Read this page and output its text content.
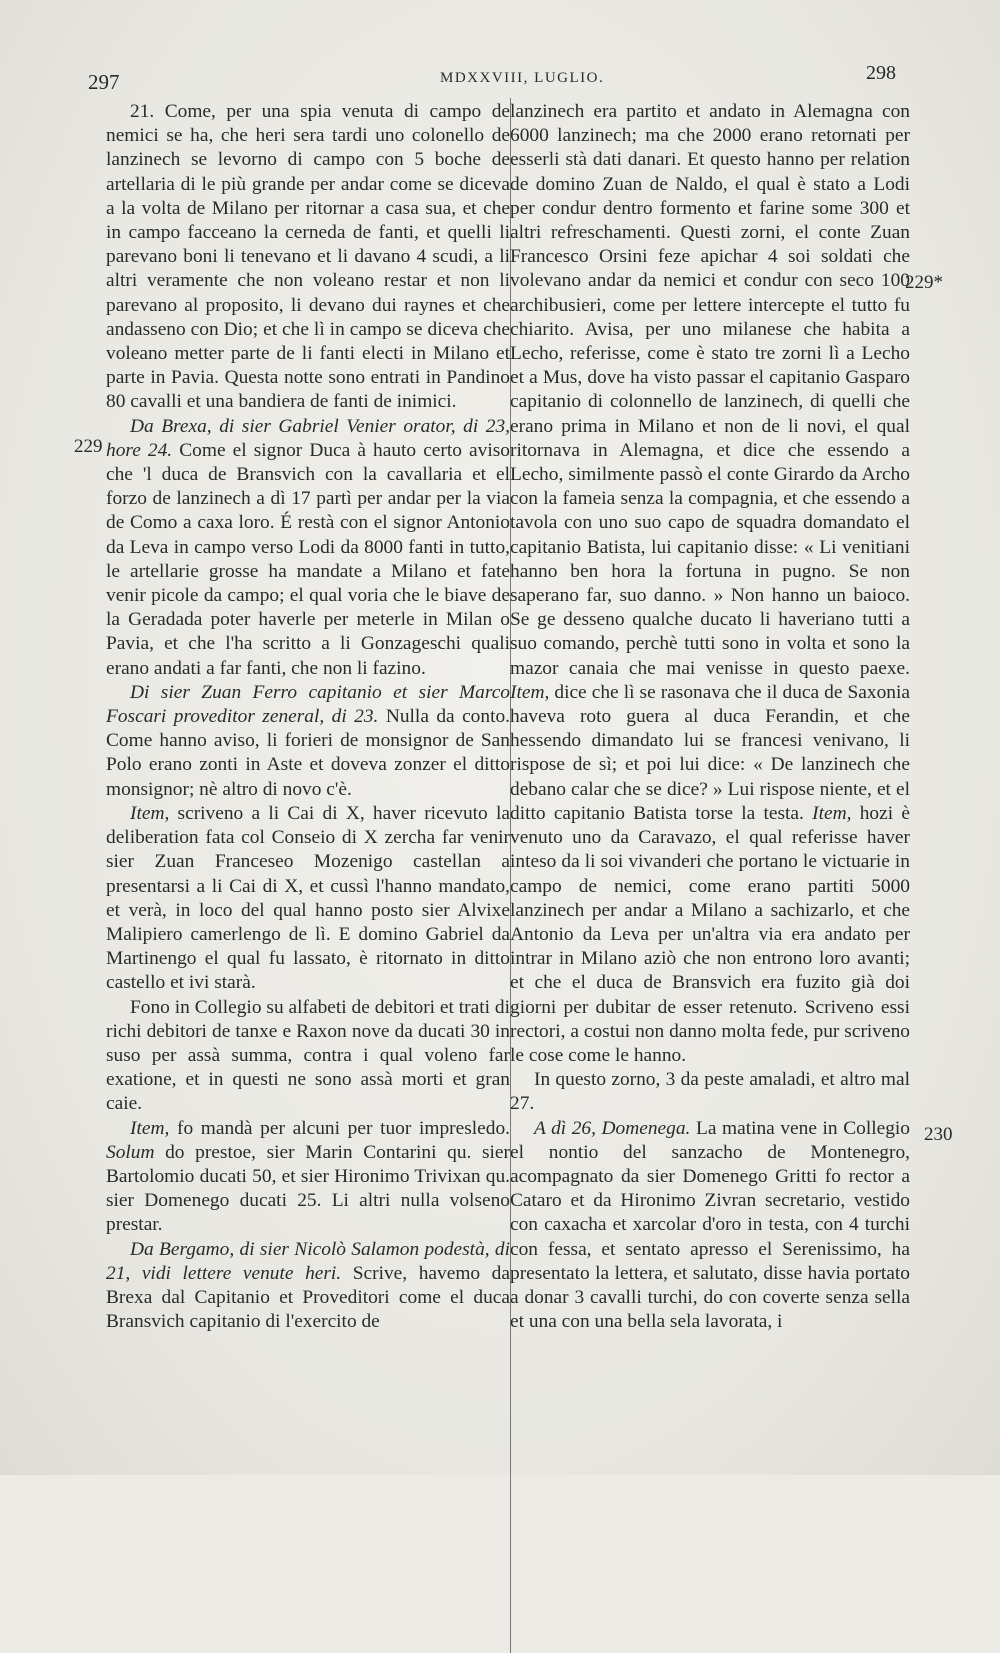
297	MDXXVIII, LUGLIO.	298
229
229*
230

21. Come, per una spia venuta di campo de nemici se ha, che heri sera tardi uno colonello de lanzinech se levorno di campo con 5 boche de artellaria di le più grande per andar come se diceva a la volta de Milano per ritornar a casa sua, et che in campo facceano la cerneda de fanti, et quelli li parevano boni li tenevano et li davano 4 scudi, a li altri veramente che non voleano restar et non li parevano al proposito, li devano dui raynes et che andasseno con Dio; et che lì in campo se diceva che voleano metter parte de li fanti electi in Milano et parte in Pavia. Questa notte sono entrati in Pandino 80 cavalli et una bandiera de fanti de inimici.

Da Brexa, di sier Gabriel Venier orator, di 23, hore 24. Come el signor Duca à hauto certo aviso che 'l duca de Bransvich con la cavallaria et el forzo de lanzinech a dì 17 partì per andar per la via de Como a caxa loro. É restà con el signor Antonio da Leva in campo verso Lodi da 8000 fanti in tutto, le artellarie grosse ha mandate a Milano et fate venir picole da campo; el qual voria che le biave de la Geradada poter haverle per meterle in Milan o Pavia, et che l'ha scritto a li Gonzageschi quali erano andati a far fanti, che non li fazino.

Di sier Zuan Ferro capitanio et sier Marco Foscari proveditor zeneral, di 23. Nulla da conto. Come hanno aviso, li forieri de monsignor de San Polo erano zonti in Aste et doveva zonzer el ditto monsignor; nè altro di novo c'è.

Item, scriveno a li Cai di X, haver ricevuto la deliberation fata col Conseio di X zercha far venir sier Zuan Franceseo Mozenigo castellan a presentarsi a li Cai di X, et cussì l'hanno mandato, et verà, in loco del qual hanno posto sier Alvixe Malipiero camerlengo de lì. E domino Gabriel da Martinengo el qual fu lassato, è ritornato in ditto castello et ivi starà.

Fono in Collegio su alfabeti de debitori et trati di richi debitori de tanxe e Raxon nove da ducati 30 in suso per assà summa, contra i qual voleno far exatione, et in questi ne sono assà morti et gran caie.

Item, fo mandà per alcuni per tuor impresledo. Solum do prestoe, sier Marin Contarini qu. sier Bartolomio ducati 50, et sier Hironimo Trivixan qu. sier Domenego ducati 25. Li altri nulla volseno prestar.

Da Bergamo, di sier Nicolò Salamon podestà, di 21, vidi lettere venute heri. Scrive, havemo da Brexa dal Capitanio et Proveditori come el duca Bransvich capitanio di l'exercito de

lanzinech era partito et andato in Alemagna con 6000 lanzinech; ma che 2000 erano retornati per esserli stà dati danari. Et questo hanno per relation de domino Zuan de Naldo, el qual è stato a Lodi per condur dentro formento et farine some 300 et altri refreschamenti. Questi zorni, el conte Zuan Francesco Orsini feze apichar 4 soi soldati che volevano andar da nemici et condur con seco 100 archibusieri, come per lettere intercepte el tutto fu chiarito. Avisa, per uno milanese che habita a Lecho, referisse, come è stato tre zorni lì a Lecho et a Mus, dove ha visto passar el capitanio Gasparo capitanio di colonnello de lanzinech, di quelli che erano prima in Milano et non de li novi, el qual ritornava in Alemagna, et dice che essendo a Lecho, similmente passò el conte Girardo da Archo con la fameia senza la compagnia, et che essendo a tavola con uno suo capo de squadra domandato el capitanio Batista, lui capitanio disse: « Li venitiani hanno ben hora la fortuna in pugno. Se non saperano far, suo danno. » Non hanno un baioco. Se ge desseno qualche ducato li haveriano tutti a suo comando, perchè tutti sono in volta et sono la mazor canaia che mai venisse in questo paexe. Item, dice che lì se rasonava che il duca de Saxonia haveva roto guera al duca Ferandin, et che hessendo dimandato lui se francesi venivano, li rispose de sì; et poi lui dice: « De lanzinech che debano calar che se dice? » Lui rispose niente, et el ditto capitanio Batista torse la testa. Item, hozi è venuto uno da Caravazo, el qual referisse haver inteso da li soi vivanderi che portano le victuarie in campo de nemici, come erano partiti 5000 lanzinech per andar a Milano a sachizarlo, et che Antonio da Leva per un'altra via era andato per intrar in Milano aziò che non entrono loro avanti; et che el duca de Bransvich era fuzito già doi giorni per dubitar de esser retenuto. Scriveno essi rectori, a costui non danno molta fede, pur scriveno le cose come le hanno.

In questo zorno, 3 da peste amaladi, et altro mal 27.

A dì 26, Domenega. La matina vene in Collegio el nontio del sanzacho de Montenegro, acompagnato da sier Domenego Gritti fo rector a Cataro et da Hironimo Zivran secretario, vestido con caxacha et xarcolar d'oro in testa, con 4 turchi con fessa, et sentato apresso el Serenissimo, ha presentato la lettera, et salutato, disse havia portato a donar 3 cavalli turchi, do con coverte senza sella et una con una bella sela lavorata, i
